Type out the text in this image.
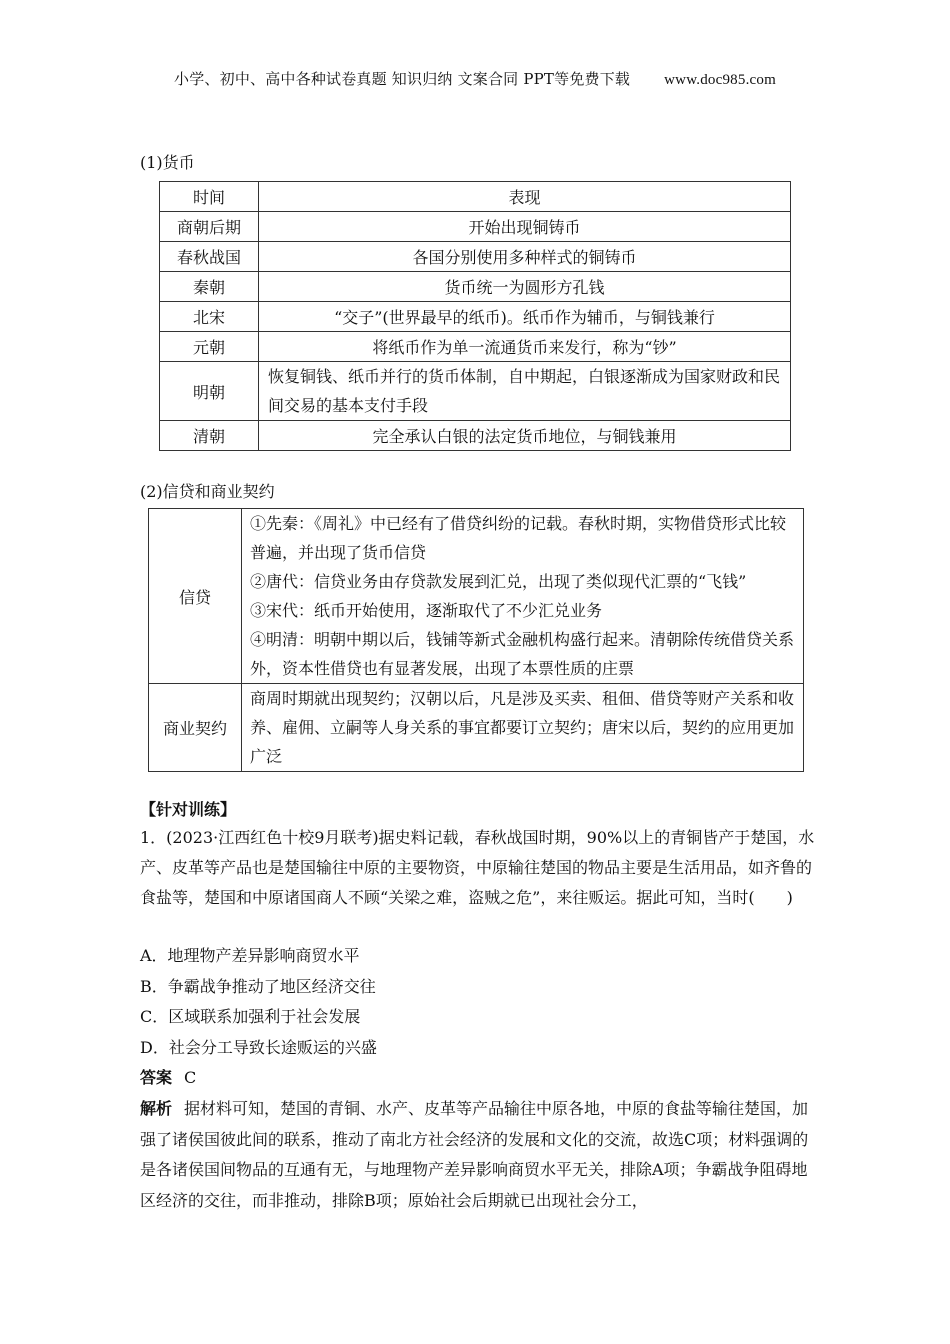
小学、初中、高中各种试卷真题 知识归纳 文案合同 PPT等免费下载 www.doc985.com
(1)货币
时间	表现
商朝后期	开始出现铜铸币
春秋战国	各国分别使用多种样式的铜铸币
秦朝	货币统一为圆形方孔钱
北宋	“交子”(世界最早的纸币)。纸币作为辅币，与铜钱兼行
元朝	将纸币作为单一流通货币来发行，称为“钞”
明朝	恢复铜钱、纸币并行的货币体制，自中期起，白银逐渐成为国家财政和民间交易的基本支付手段
清朝	完全承认白银的法定货币地位，与铜钱兼用
(2)信贷和商业契约
信贷	①先秦：《周礼》中已经有了借贷纠纷的记载。春秋时期，实物借贷形式比较普遍，并出现了货币信贷
②唐代：信贷业务由存贷款发展到汇兑，出现了类似现代汇票的“飞钱”
③宋代：纸币开始使用，逐渐取代了不少汇兑业务
④明清：明朝中期以后，钱铺等新式金融机构盛行起来。清朝除传统借贷关系外，资本性借贷也有显著发展，出现了本票性质的庄票

商业契约	商周时期就出现契约；汉朝以后，凡是涉及买卖、租佃、借贷等财产关系和收养、雇佣、立嗣等人身关系的事宜都要订立契约；唐宋以后，契约的应用更加广泛
【针对训练】
1．(2023·江西红色十校9月联考)据史料记载，春秋战国时期，90%以上的青铜皆产于楚国，水产、皮革等产品也是楚国输往中原的主要物资，中原输往楚国的物品主要是生活用品，如齐鲁的食盐等，楚国和中原诸国商人不顾“关梁之难，盗贼之危”，来往贩运。据此可知，当时(　　)
A．地理物产差异影响商贸水平
B．争霸战争推动了地区经济交往
C．区域联系加强利于社会发展
D．社会分工导致长途贩运的兴盛
答案 C
解析 据材料可知，楚国的青铜、水产、皮革等产品输往中原各地，中原的食盐等输往楚国，加强了诸侯国彼此间的联系，推动了南北方社会经济的发展和文化的交流，故选C项；材料强调的是各诸侯国间物品的互通有无，与地理物产差异影响商贸水平无关，排除A项；争霸战争阻碍地区经济的交往，而非推动，排除B项；原始社会后期就已出现社会分工，
